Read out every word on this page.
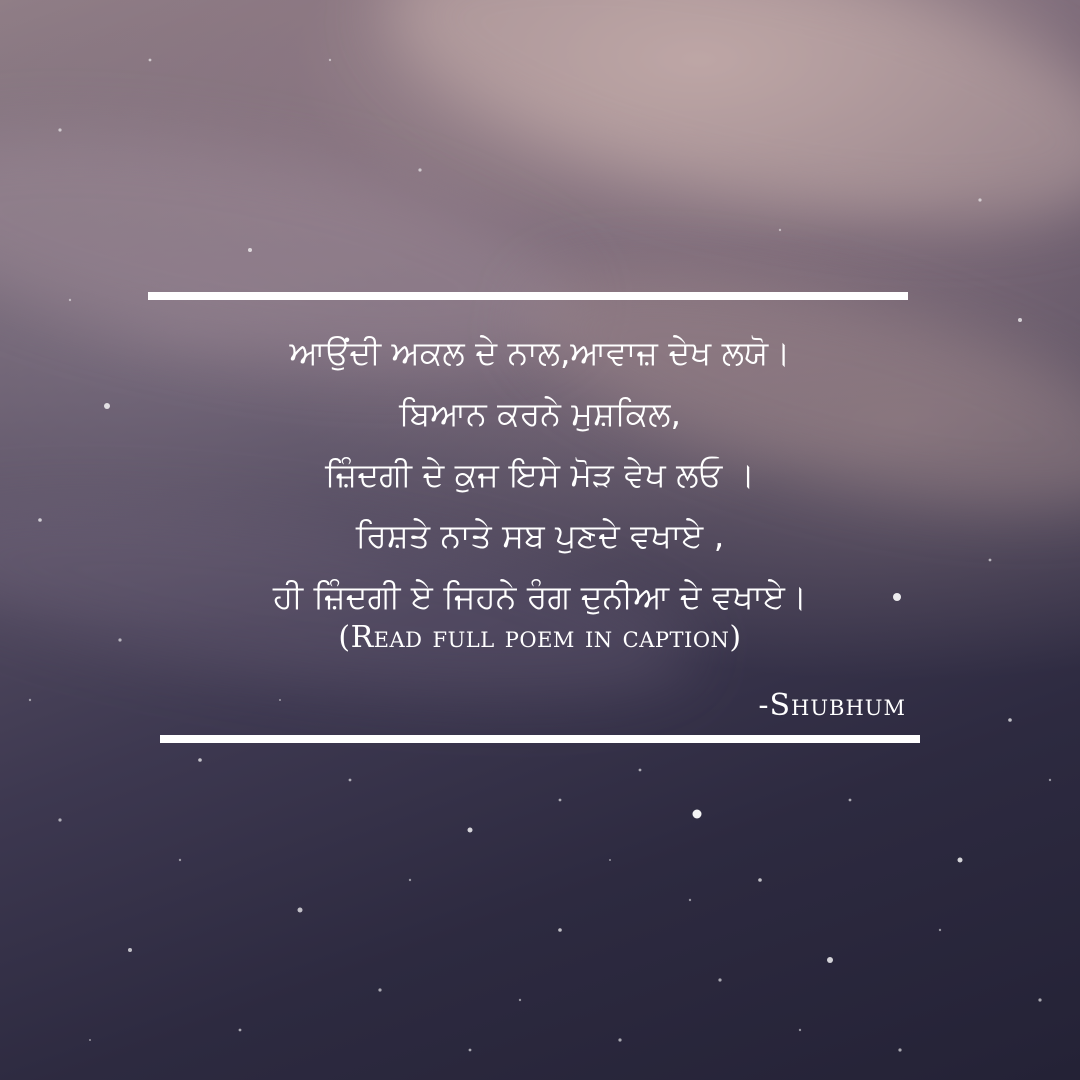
ਆਉਂਦੀ ਅਕਲ ਦੇ ਨਾਲ,ਆਵਾਜ਼ ਦੇਖ ਲਯੋ।
ਬਿਆਨ ਕਰਨੇ ਮੁਸ਼ਕਿਲ,
ਜ਼ਿੰਦਗੀ ਦੇ ਕੁਜ ਇਸੇ ਮੋੜ ਵੇਖ ਲਓ ।
ਰਿਸ਼ਤੇ ਨਾਤੇ ਸਬ ਪੁਣਦੇ ਵਖਾਏ ,
ਹੀ ਜ਼ਿੰਦਗੀ ਏ ਜਿਹਨੇ ਰੰਗ ਦੁਨੀਆ ਦੇ ਵਖਾਏ।
(Read full poem in caption)
-Shubhum
